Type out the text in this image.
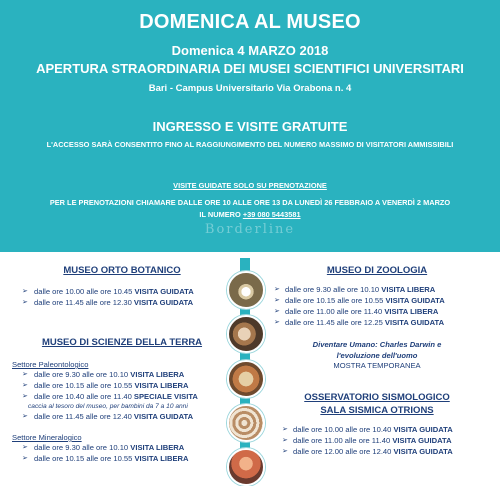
DOMENICA AL MUSEO
Domenica 4 MARZO 2018
APERTURA STRAORDINARIA DEI MUSEI SCIENTIFICI UNIVERSITARI
Bari - Campus Universitario Via Orabona n. 4
INGRESSO E VISITE GRATUITE
L'ACCESSO SARÀ CONSENTITO FINO AL RAGGIUNGIMENTO DEL NUMERO MASSIMO DI VISITATORI AMMISSIBILI
VISITE GUIDATE SOLO SU PRENOTAZIONE
PER LE PRENOTAZIONI CHIAMARE DALLE ORE 10 ALLE ORE 13 DA LUNEDÌ 26 FEBBRAIO A VENERDÌ 2 MARZO
IL NUMERO +39 080 5443581
Borderline
MUSEO ORTO BOTANICO
➢ dalle ore 10.00 alle ore 10.45 VISITA GUIDATA
➢ dalle ore 11.45 alle ore 12.30 VISITA GUIDATA
MUSEO DI SCIENZE DELLA TERRA
Settore Paleontologico
➢ dalle ore 9.30 alle ore 10.10 VISITA LIBERA
➢ dalle ore 10.15 alle ore 10.55 VISITA LIBERA
➢ dalle ore 10.40 alle ore 11.40 SPECIALE VISITA
caccia al tesoro del museo, per bambini da 7 a 10 anni
➢ dalle ore 11.45 alle ore 12.40 VISITA GUIDATA
Settore Mineralogico
➢ dalle ore 9.30 alle ore 10.10 VISITA LIBERA
➢ dalle ore 10.15 alle ore 10.55 VISITA LIBERA
MUSEO DI ZOOLOGIA
➢ dalle ore 9.30 alle ore 10.10 VISITA LIBERA
➢ dalle ore 10.15 alle ore 10.55 VISITA GUIDATA
➢ dalle ore 11.00 alle ore 11.40 VISITA LIBERA
➢ dalle ore 11.45 alle ore 12.25 VISITA GUIDATA
Diventare Umano: Charles Darwin e
l'evoluzione dell'uomo
MOSTRA TEMPORANEA
OSSERVATORIO SISMOLOGICO
SALA SISMICA OTRIONS
➢ dalle ore 10.00 alle ore 10.40 VISITA GUIDATA
➢ dalle ore 11.00 alle ore 11.40 VISITA GUIDATA
➢ dalle ore 12.00 alle ore 12.40 VISITA GUIDATA
